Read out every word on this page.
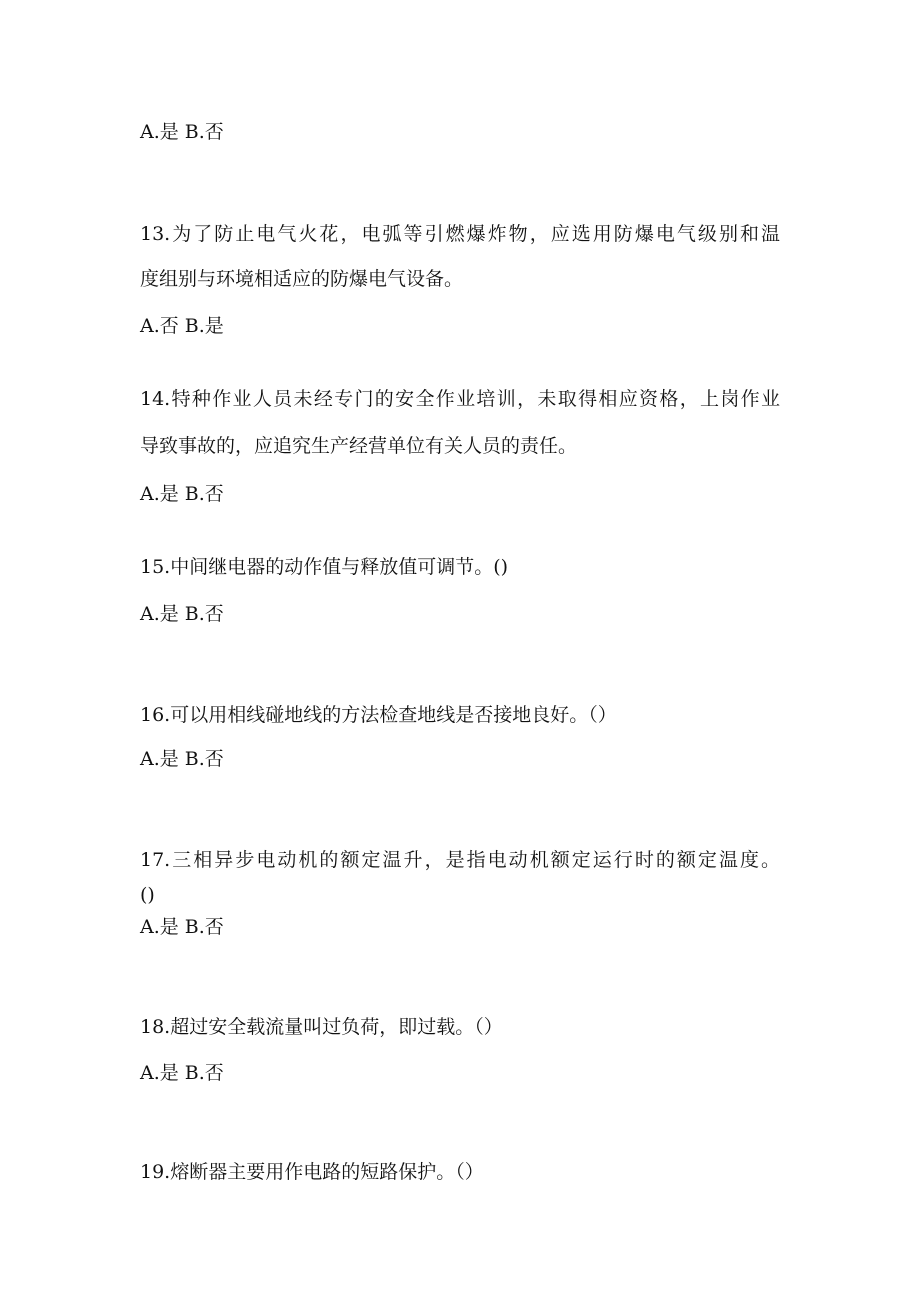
A.是 B.否
13.为了防止电气火花，电弧等引燃爆炸物，应选用防爆电气级别和温
度组别与环境相适应的防爆电气设备。
A.否 B.是
14.特种作业人员未经专门的安全作业培训，未取得相应资格，上岗作业
导致事故的，应追究生产经营单位有关人员的责任。
A.是 B.否
15.中间继电器的动作值与释放值可调节。()
A.是 B.否
16.可以用相线碰地线的方法检查地线是否接地良好。（）
A.是 B.否
17.三相异步电动机的额定温升，是指电动机额定运行时的额定温度。
()
A.是 B.否
18.超过安全载流量叫过负荷，即过载。（）
A.是 B.否
19.熔断器主要用作电路的短路保护。（）
